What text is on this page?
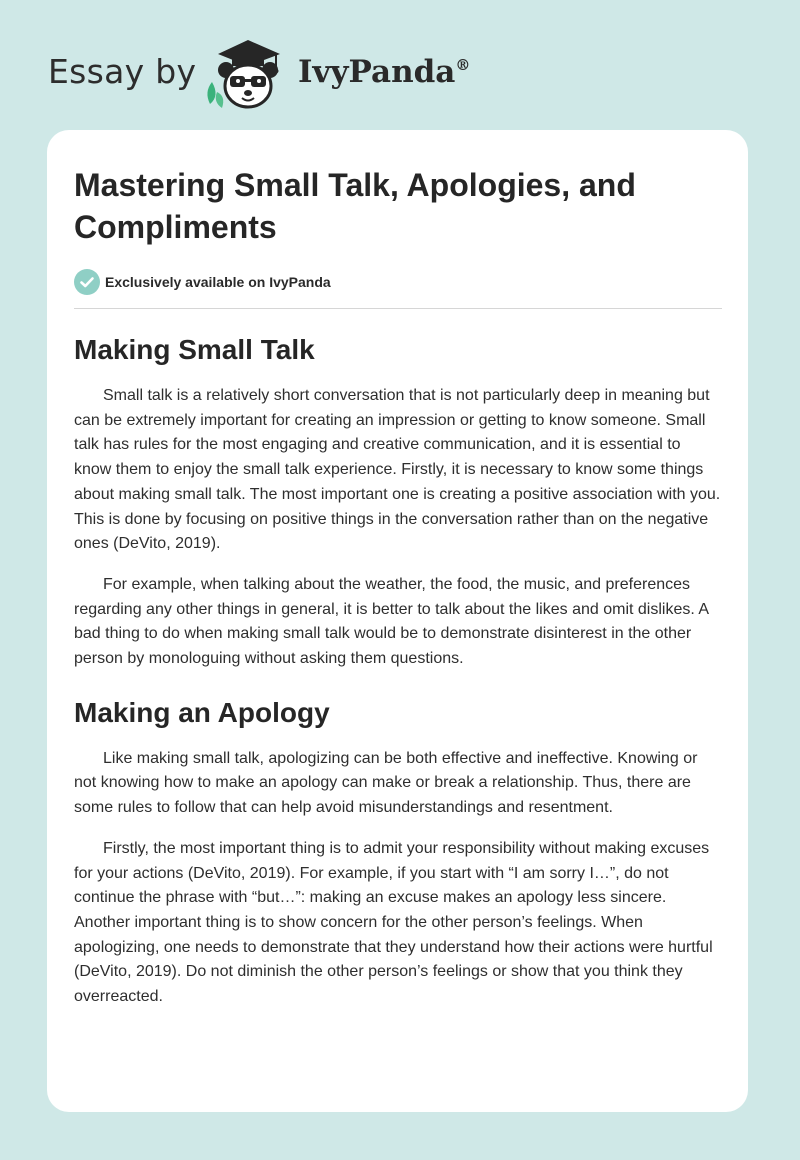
Essay by	IvyPanda®
Mastering Small Talk, Apologies, and Compliments
Exclusively available on IvyPanda
Making Small Talk

Small talk is a relatively short conversation that is not particularly deep in meaning but can be extremely important for creating an impression or getting to know someone. Small talk has rules for the most engaging and creative communication, and it is essential to know them to enjoy the small talk experience. Firstly, it is necessary to know some things about making small talk. The most important one is creating a positive association with you. This is done by focusing on positive things in the conversation rather than on the negative ones (DeVito, 2019).

For example, when talking about the weather, the food, the music, and preferences regarding any other things in general, it is better to talk about the likes and omit dislikes. A bad thing to do when making small talk would be to demonstrate disinterest in the other person by monologuing without asking them questions.

Making an Apology

Like making small talk, apologizing can be both effective and ineffective. Knowing or not knowing how to make an apology can make or break a relationship. Thus, there are some rules to follow that can help avoid misunderstandings and resentment.

Firstly, the most important thing is to admit your responsibility without making excuses for your actions (DeVito, 2019). For example, if you start with “I am sorry I…”, do not continue the phrase with “but…”: making an excuse makes an apology less sincere. Another important thing is to show concern for the other person’s feelings. When apologizing, one needs to demonstrate that they understand how their actions were hurtful (DeVito, 2019). Do not diminish the other person’s feelings or show that you think they overreacted.
